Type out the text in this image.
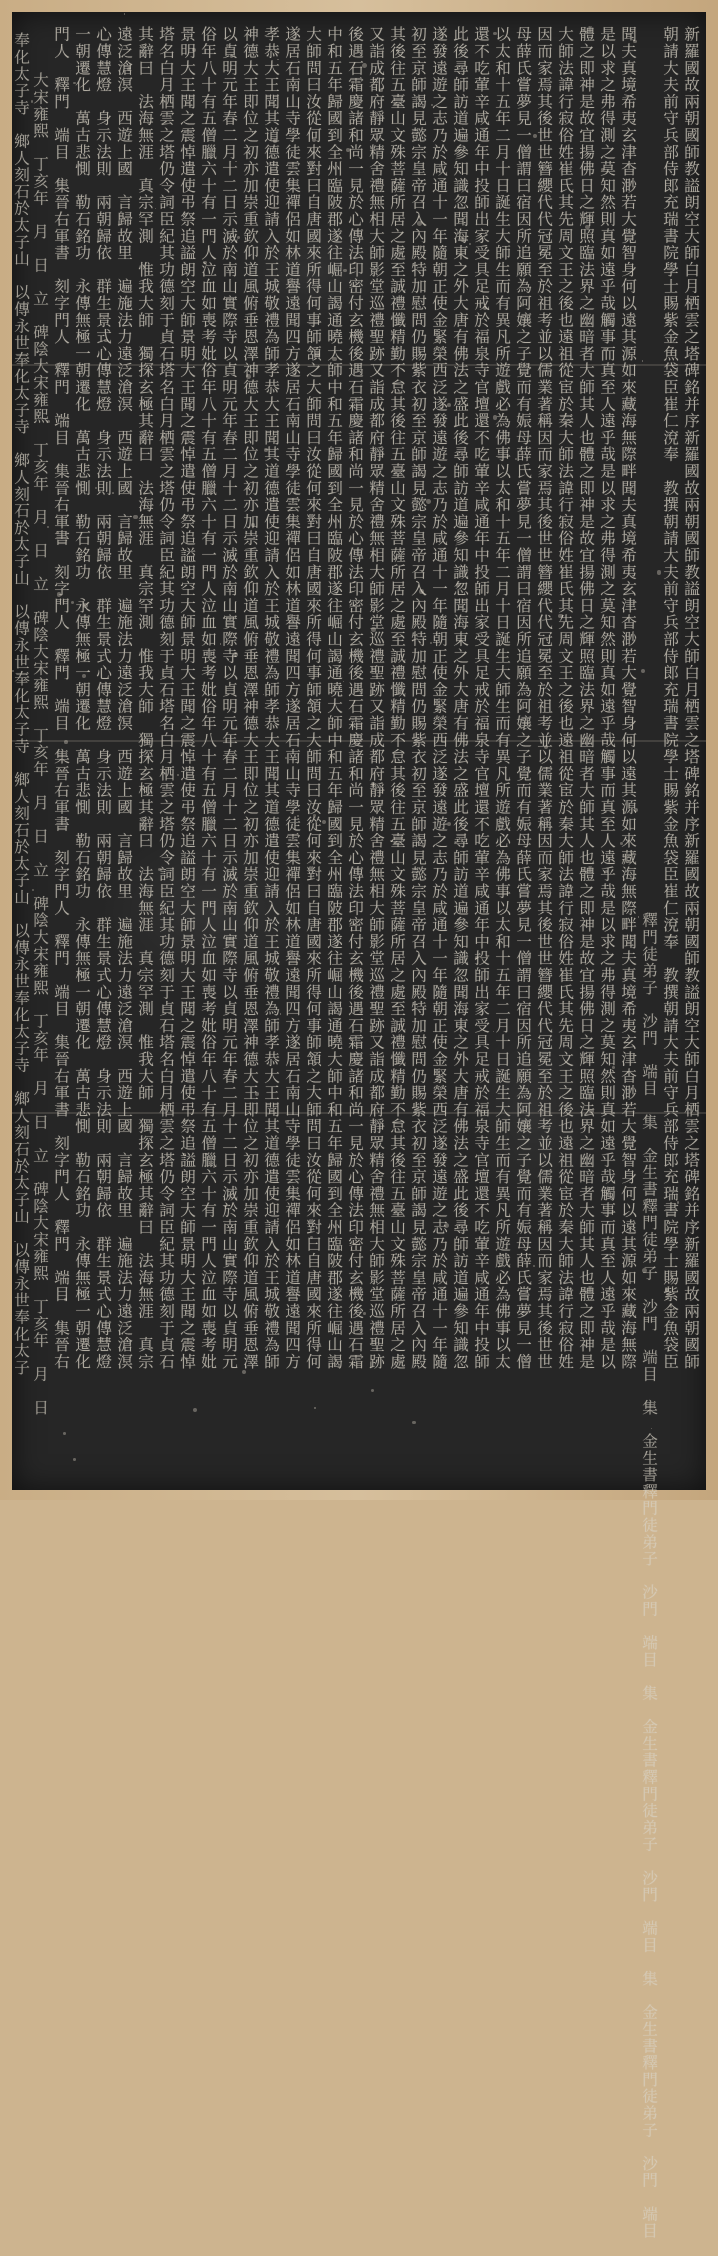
新羅國故兩朝國師教謚朗空大師白月栖雲之塔碑銘并序新羅國故兩朝國師教謚朗空大師白月栖雲之塔碑銘并序新羅國故兩朝國師教謚朗空大師白月栖雲之塔碑銘并序新羅國故兩朝國師
朝請大夫前守兵部侍郎充瑞書院學士賜紫金魚袋臣崔仁渷奉　教撰朝請大夫前守兵部侍郎充瑞書院學士賜紫金魚袋臣崔仁渷奉　教撰朝請大夫前守兵部侍郎充瑞書院學士賜紫金魚袋臣
釋門徒弟子　沙門　端目　集　金生書釋門徒弟子　沙門　端目　集　金生書釋門徒弟子　沙門　端目　集　金生書釋門徒弟子　沙門　端目　集　金生書釋門徒弟子　沙門　端目　
聞夫真境希夷玄津杳渺若大覺智身何以遠其源如來藏海無際畔聞夫真境希夷玄津杳渺若大覺智身何以遠其源如來藏海無際畔聞夫真境希夷玄津杳渺若大覺智身何以遠其源如來藏海無際
是以求之弗得測之莫知然則真如遠乎哉觸事而真至人遠乎哉是以求之弗得測之莫知然則真如遠乎哉觸事而真至人遠乎哉是以求之弗得測之莫知然則真如遠乎哉觸事而真至人遠乎哉是以
體之即神是故宜揚佛日之輝照臨法界之幽暗者大師其人也體之即神是故宜揚佛日之輝照臨法界之幽暗者大師其人也體之即神是故宜揚佛日之輝照臨法界之幽暗者大師其人也體之即神是
大師法諱行寂俗姓崔氏其先周文王之後也遠祖從宦於秦大師法諱行寂俗姓崔氏其先周文王之後也遠祖從宦於秦大師法諱行寂俗姓崔氏其先周文王之後也遠祖從宦於秦大師法諱行寂俗姓
因而家焉其後世世簪纓代代冠冕至於祖考並以儒業著稱因而家焉其後世世簪纓代代冠冕至於祖考並以儒業著稱因而家焉其後世世簪纓代代冠冕至於祖考並以儒業著稱因而家焉其後世世
母薛氏嘗夢見一僧謂曰宿因所追願為阿孃之子覺而有娠母薛氏嘗夢見一僧謂曰宿因所追願為阿孃之子覺而有娠母薛氏嘗夢見一僧謂曰宿因所追願為阿孃之子覺而有娠母薛氏嘗夢見一僧
以太和十五年二月十日誕生大師生而有異凡所遊戲必為佛事以太和十五年二月十日誕生大師生而有異凡所遊戲必為佛事以太和十五年二月十日誕生大師生而有異凡所遊戲必為佛事以太
還不吃葷辛咸通年中投師出家受具足戒於福泉寺官壇還不吃葷辛咸通年中投師出家受具足戒於福泉寺官壇還不吃葷辛咸通年中投師出家受具足戒於福泉寺官壇還不吃葷辛咸通年中投師
此後尋師訪道遍參知識忽聞海東之外大唐有佛法之盛此後尋師訪道遍參知識忽聞海東之外大唐有佛法之盛此後尋師訪道遍參知識忽聞海東之外大唐有佛法之盛此後尋師訪道遍參知識忽
遂發遠遊之志乃於咸通十一年隨朝正使金緊榮西泛遂發遠遊之志乃於咸通十一年隨朝正使金緊榮西泛遂發遠遊之志乃於咸通十一年隨朝正使金緊榮西泛遂發遠遊之志乃於咸通十一年隨
初至京師謁見懿宗皇帝召入內殿特加慰問仍賜紫衣初至京師謁見懿宗皇帝召入內殿特加慰問仍賜紫衣初至京師謁見懿宗皇帝召入內殿特加慰問仍賜紫衣初至京師謁見懿宗皇帝召入內殿
其後往五臺山文殊菩薩所居之處至誠禮懺精勤不怠其後往五臺山文殊菩薩所居之處至誠禮懺精勤不怠其後往五臺山文殊菩薩所居之處至誠禮懺精勤不怠其後往五臺山文殊菩薩所居之處
又詣成都府靜眾精舍禮無相大師影堂巡禮聖跡又詣成都府靜眾精舍禮無相大師影堂巡禮聖跡又詣成都府靜眾精舍禮無相大師影堂巡禮聖跡又詣成都府靜眾精舍禮無相大師影堂巡禮聖跡
後遇石霜慶諸和尚一見於心傳法印密付玄機後遇石霜慶諸和尚一見於心傳法印密付玄機後遇石霜慶諸和尚一見於心傳法印密付玄機後遇石霜慶諸和尚一見於心傳法印密付玄機後遇石霜
中和五年歸國到全州臨陂郡遂往崛山謁通曉大師中和五年歸國到全州臨陂郡遂往崛山謁通曉大師中和五年歸國到全州臨陂郡遂往崛山謁通曉大師中和五年歸國到全州臨陂郡遂往崛山謁
大師問曰汝從何來對曰自唐國來所得何事師頷之大師問曰汝從何來對曰自唐國來所得何事師頷之大師問曰汝從何來對曰自唐國來所得何事師頷之大師問曰汝從何來對曰自唐國來所得何
遂居石南山寺學徒雲集禪侶如林道譽遠聞四方遂居石南山寺學徒雲集禪侶如林道譽遠聞四方遂居石南山寺學徒雲集禪侶如林道譽遠聞四方遂居石南山寺學徒雲集禪侶如林道譽遠聞四方
孝恭大王聞其道德遣使迎請入於王城敬禮為師孝恭大王聞其道德遣使迎請入於王城敬禮為師孝恭大王聞其道德遣使迎請入於王城敬禮為師孝恭大王聞其道德遣使迎請入於王城敬禮為師
神德大王即位之初亦加崇重欽仰道風俯垂恩澤神德大王即位之初亦加崇重欽仰道風俯垂恩澤神德大王即位之初亦加崇重欽仰道風俯垂恩澤神德大王即位之初亦加崇重欽仰道風俯垂恩澤
以貞明元年春二月十二日示滅於南山實際寺以貞明元年春二月十二日示滅於南山實際寺以貞明元年春二月十二日示滅於南山實際寺以貞明元年春二月十二日示滅於南山實際寺以貞明元
俗年八十有五僧臘六十有一門人泣血如喪考妣俗年八十有五僧臘六十有一門人泣血如喪考妣俗年八十有五僧臘六十有一門人泣血如喪考妣俗年八十有五僧臘六十有一門人泣血如喪考妣
景明大王聞之震悼遣使弔祭追謚朗空大師景明大王聞之震悼遣使弔祭追謚朗空大師景明大王聞之震悼遣使弔祭追謚朗空大師景明大王聞之震悼遣使弔祭追謚朗空大師景明大王聞之震悼
塔名白月栖雲之塔仍令詞臣紀其功德刻于貞石塔名白月栖雲之塔仍令詞臣紀其功德刻于貞石塔名白月栖雲之塔仍令詞臣紀其功德刻于貞石塔名白月栖雲之塔仍令詞臣紀其功德刻于貞石
其辭曰　法海無涯　真宗罕測　惟我大師　獨探玄極其辭曰　法海無涯　真宗罕測　惟我大師　獨探玄極其辭曰　法海無涯　真宗罕測　惟我大師　獨探玄極其辭曰　法海無涯　真宗
遠泛滄溟　西遊上國　言歸故里　遍施法力遠泛滄溟　西遊上國　言歸故里　遍施法力遠泛滄溟　西遊上國　言歸故里　遍施法力遠泛滄溟　西遊上國　言歸故里　遍施法力遠泛滄溟
心傳慧燈　身示法則　兩朝歸依　群生景式心傳慧燈　身示法則　兩朝歸依　群生景式心傳慧燈　身示法則　兩朝歸依　群生景式心傳慧燈　身示法則　兩朝歸依　群生景式心傳慧燈
一朝遷化　萬古悲惻　勒石銘功　永傳無極一朝遷化　萬古悲惻　勒石銘功　永傳無極一朝遷化　萬古悲惻　勒石銘功　永傳無極一朝遷化　萬古悲惻　勒石銘功　永傳無極一朝遷化
門人　釋門　端目　集晉右軍書　刻字門人　釋門　端目　集晉右軍書　刻字門人　釋門　端目　集晉右軍書　刻字門人　釋門　端目　集晉右軍書　刻字門人　釋門　端目　集晉右
大宋雍熙　丁亥年　月　日　立　碑陰大宋雍熙　丁亥年　月　日　立　碑陰大宋雍熙　丁亥年　月　日　立　碑陰大宋雍熙　丁亥年　月　日　立　碑陰大宋雍熙　丁亥年　月　日
奉化太子寺　鄉人刻石於太子山　以傳永世奉化太子寺　鄉人刻石於太子山　以傳永世奉化太子寺　鄉人刻石於太子山　以傳永世奉化太子寺　鄉人刻石於太子山　以傳永世奉化太子
